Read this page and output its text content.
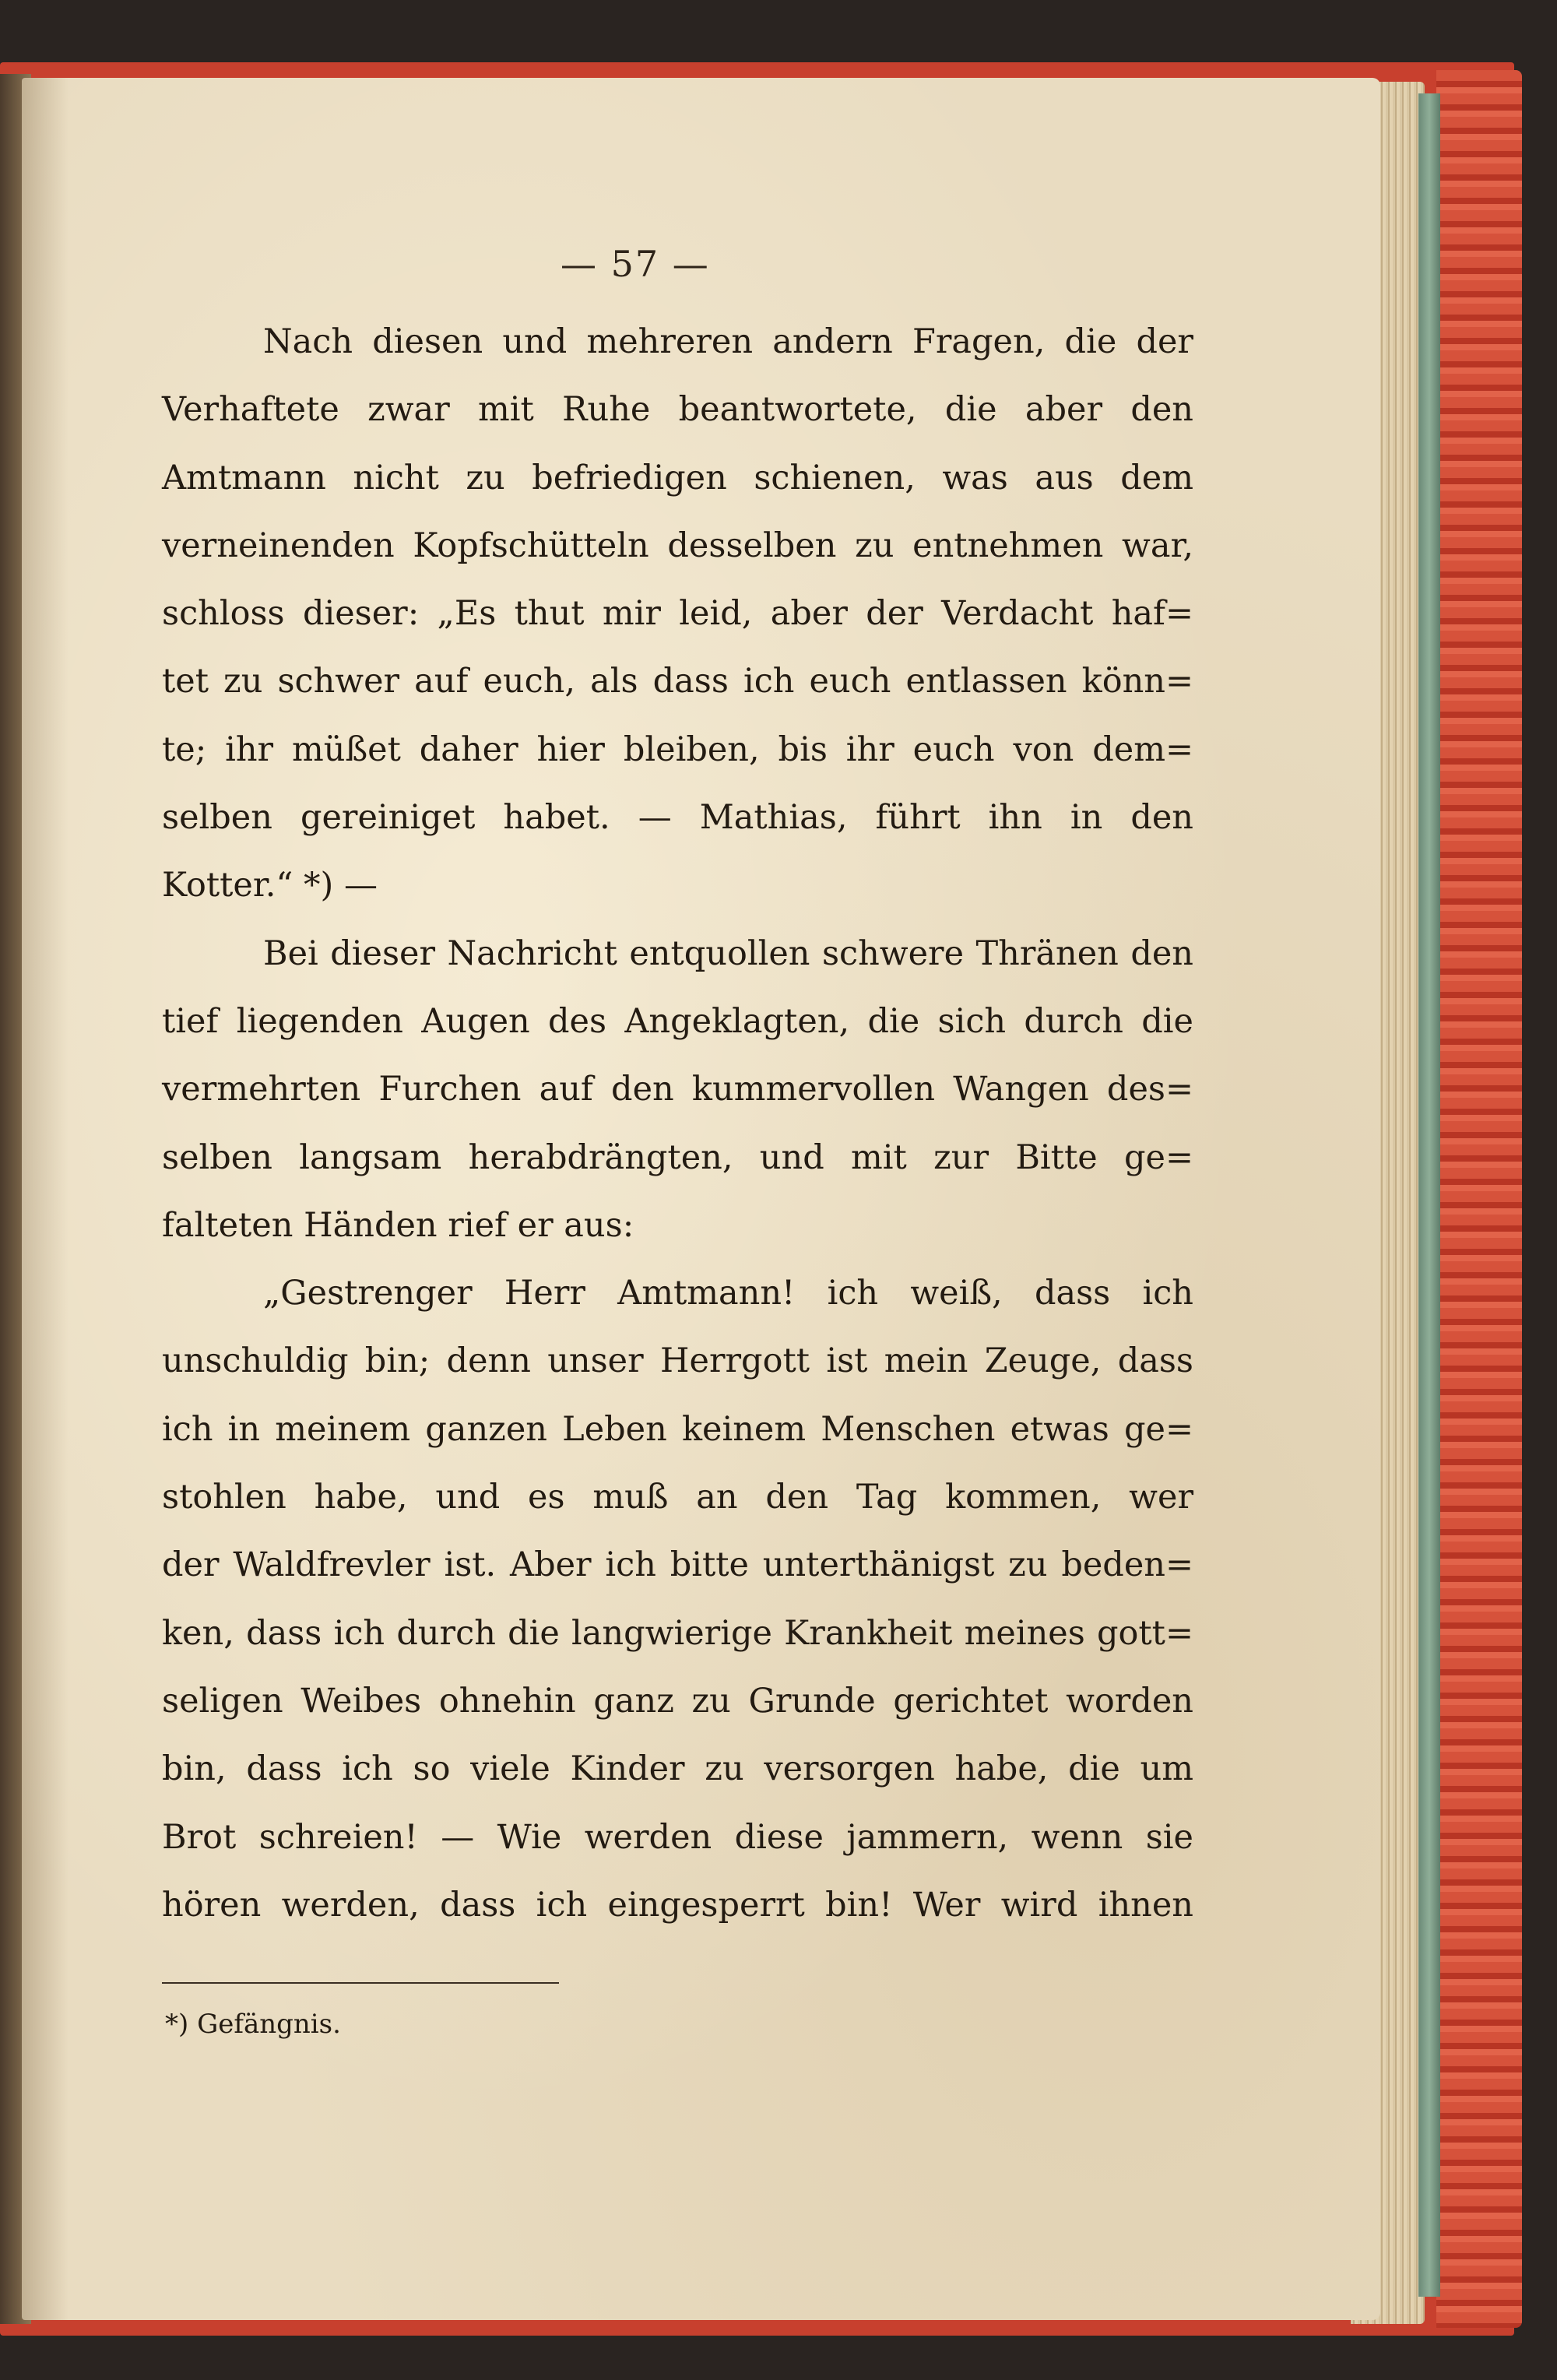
— 57 —
Nach diesen und mehreren andern Fragen, die der
Verhaftete zwar mit Ruhe beantwortete, die aber den
Amtmann nicht zu befriedigen schienen, was aus dem
verneinenden Kopfschütteln desselben zu entnehmen war,
schloss dieser: „Es thut mir leid, aber der Verdacht haf=
tet zu schwer auf euch, als dass ich euch entlassen könn=
te; ihr müßet daher hier bleiben, bis ihr euch von dem=
selben gereiniget habet. — Mathias, führt ihn in den
Kotter.“ *) —
Bei dieser Nachricht entquollen schwere Thränen den
tief liegenden Augen des Angeklagten, die sich durch die
vermehrten Furchen auf den kummervollen Wangen des=
selben langsam herabdrängten, und mit zur Bitte ge=
falteten Händen rief er aus:
„Gestrenger Herr Amtmann! ich weiß, dass ich
unschuldig bin; denn unser Herrgott ist mein Zeuge, dass
ich in meinem ganzen Leben keinem Menschen etwas ge=
stohlen habe, und es muß an den Tag kommen, wer
der Waldfrevler ist. Aber ich bitte unterthänigst zu beden=
ken, dass ich durch die langwierige Krankheit meines gott=
seligen Weibes ohnehin ganz zu Grunde gerichtet worden
bin, dass ich so viele Kinder zu versorgen habe, die um
Brot schreien! — Wie werden diese jammern, wenn sie
hören werden, dass ich eingesperrt bin! Wer wird ihnen
*) Gefängnis.
